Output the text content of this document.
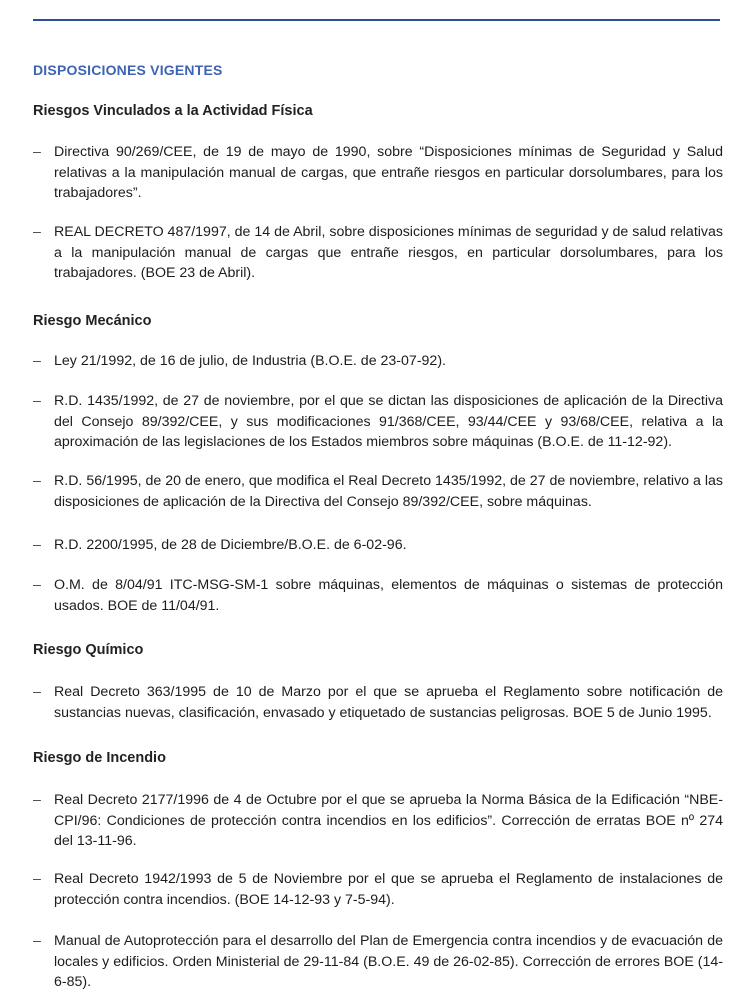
DISPOSICIONES VIGENTES
Riesgos Vinculados a la Actividad Física
– Directiva 90/269/CEE, de 19 de mayo de 1990, sobre “Disposiciones mínimas de Seguridad y Salud relativas a la manipulación manual de cargas, que entrañe riesgos en particular dorsolumbares, para los trabajadores”.
– REAL DECRETO 487/1997, de 14 de Abril, sobre disposiciones mínimas de seguridad y de salud relativas a la manipulación manual de cargas que entrañe riesgos, en particular dorsolumbares, para los trabajadores. (BOE 23 de Abril).
Riesgo Mecánico
– Ley 21/1992, de 16 de julio, de Industria (B.O.E. de 23-07-92).
– R.D. 1435/1992, de 27 de noviembre, por el que se dictan las disposiciones de aplicación de la Directiva del Consejo 89/392/CEE, y sus modificaciones 91/368/CEE, 93/44/CEE y 93/68/CEE, relativa a la aproximación de las legislaciones de los Estados miembros sobre máquinas (B.O.E. de 11-12-92).
– R.D. 56/1995, de 20 de enero, que modifica el Real Decreto 1435/1992, de 27 de noviembre, relativo a las disposiciones de aplicación de la Directiva del Consejo 89/392/CEE, sobre máquinas.
– R.D. 2200/1995, de 28 de Diciembre/B.O.E. de 6-02-96.
– O.M. de 8/04/91 ITC-MSG-SM-1 sobre máquinas, elementos de máquinas o sistemas de protección usados. BOE de 11/04/91.
Riesgo Químico
– Real Decreto 363/1995 de 10 de Marzo por el que se aprueba el Reglamento sobre notificación de sustancias nuevas, clasificación, envasado y etiquetado de sustancias peligrosas. BOE 5 de Junio 1995.
Riesgo de Incendio
– Real Decreto 2177/1996 de 4 de Octubre por el que se aprueba la Norma Básica de la Edificación “NBE-CPI/96: Condiciones de protección contra incendios en los edificios”. Corrección de erratas BOE nº 274 del 13-11-96.
– Real Decreto 1942/1993 de 5 de Noviembre por el que se aprueba el Reglamento de instalaciones de protección contra incendios. (BOE 14-12-93 y 7-5-94).
– Manual de Autoprotección para el desarrollo del Plan de Emergencia contra incendios y de evacuación de locales y edificios. Orden Ministerial de 29-11-84 (B.O.E. 49 de 26-02-85). Corrección de errores BOE (14-6-85).
